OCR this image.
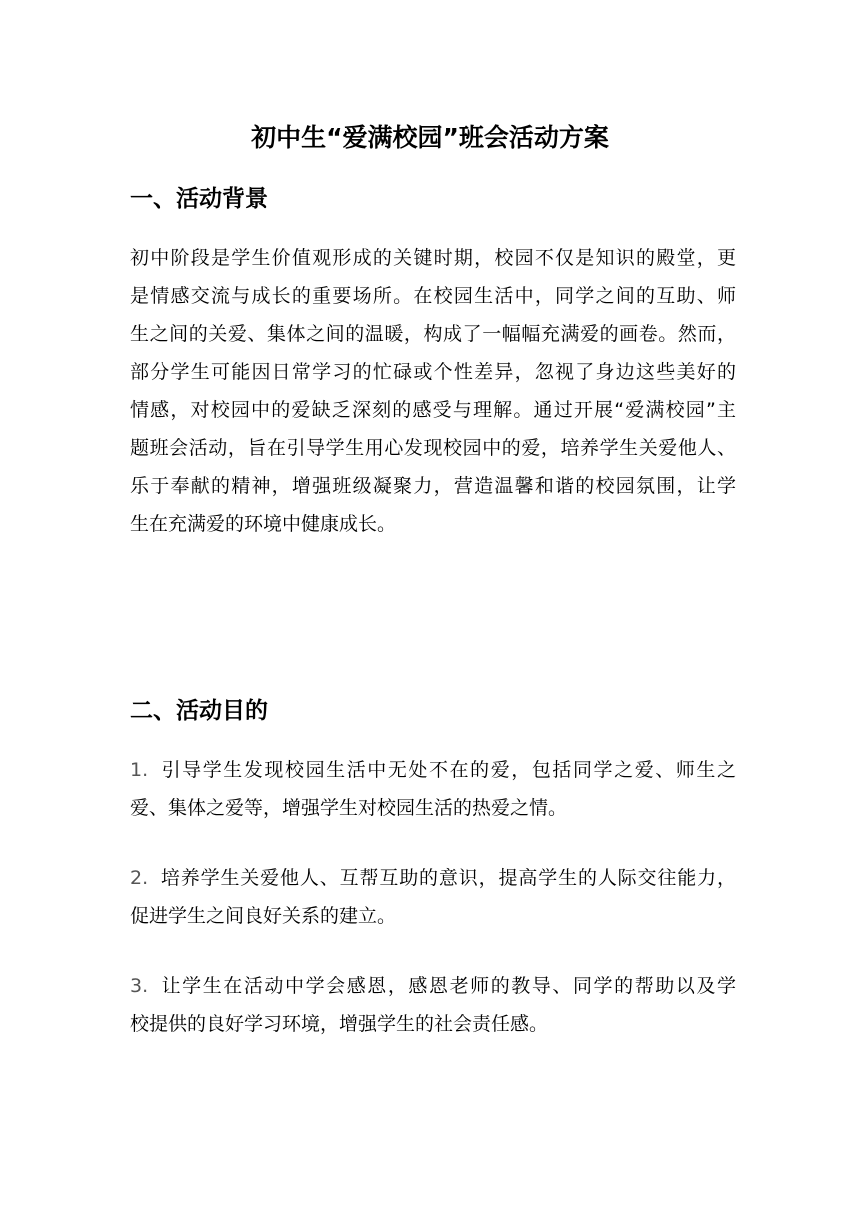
初中生“爱满校园”班会活动方案
一、活动背景
初中阶段是学生价值观形成的关键时期，校园不仅是知识的殿堂，更
是情感交流与成长的重要场所。在校园生活中，同学之间的互助、师
生之间的关爱、集体之间的温暖，构成了一幅幅充满爱的画卷。然而，
部分学生可能因日常学习的忙碌或个性差异，忽视了身边这些美好的
情感，对校园中的爱缺乏深刻的感受与理解。通过开展“爱满校园”主
题班会活动，旨在引导学生用心发现校园中的爱，培养学生关爱他人、
乐于奉献的精神，增强班级凝聚力，营造温馨和谐的校园氛围，让学
生在充满爱的环境中健康成长。
二、活动目的
1. 引导学生发现校园生活中无处不在的爱，包括同学之爱、师生之
爱、集体之爱等，增强学生对校园生活的热爱之情。
2. 培养学生关爱他人、互帮互助的意识，提高学生的人际交往能力，
促进学生之间良好关系的建立。
3. 让学生在活动中学会感恩，感恩老师的教导、同学的帮助以及学
校提供的良好学习环境，增强学生的社会责任感。
